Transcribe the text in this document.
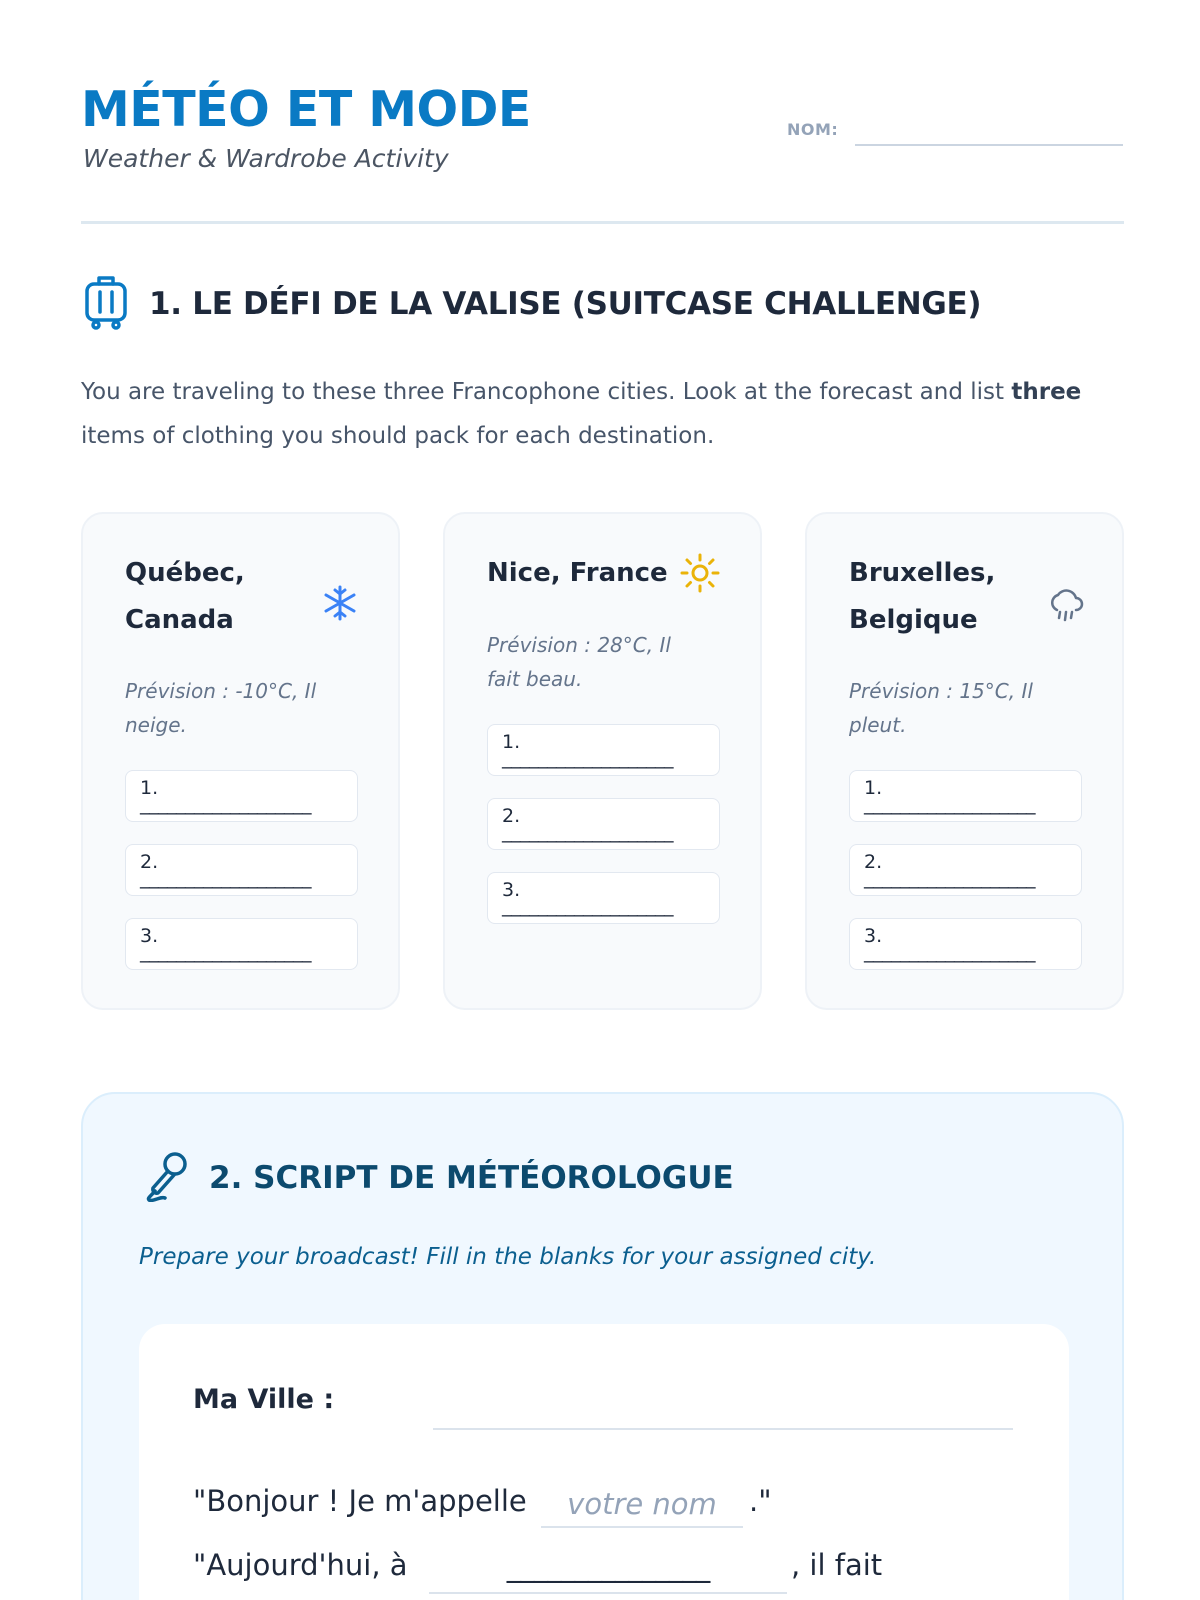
MÉTÉO ET MODE
Weather & Wardrobe Activity
NOM:
1. LE DÉFI DE LA VALISE (SUITCASE CHALLENGE)

You are traveling to these three Francophone cities. Look at the forecast and list three items of clothing you should pack for each destination.

Québec, Canada
Prévision : -10°C, Il neige.
1.
___________________
2.
___________________
3.
___________________
Nice, France
Prévision : 28°C, Il fait beau.
1.
___________________
2.
___________________
3.
___________________
Bruxelles, Belgique
Prévision : 15°C, Il pleut.
1.
___________________
2.
___________________
3.
___________________
2. SCRIPT DE MÉTÉOROLOGUE
Prepare your broadcast! Fill in the blanks for your assigned city.
Ma Ville :
"Bonjour ! Je m'appelle	votre nom	."
"Aujourd'hui, à	_______________	, il fait
